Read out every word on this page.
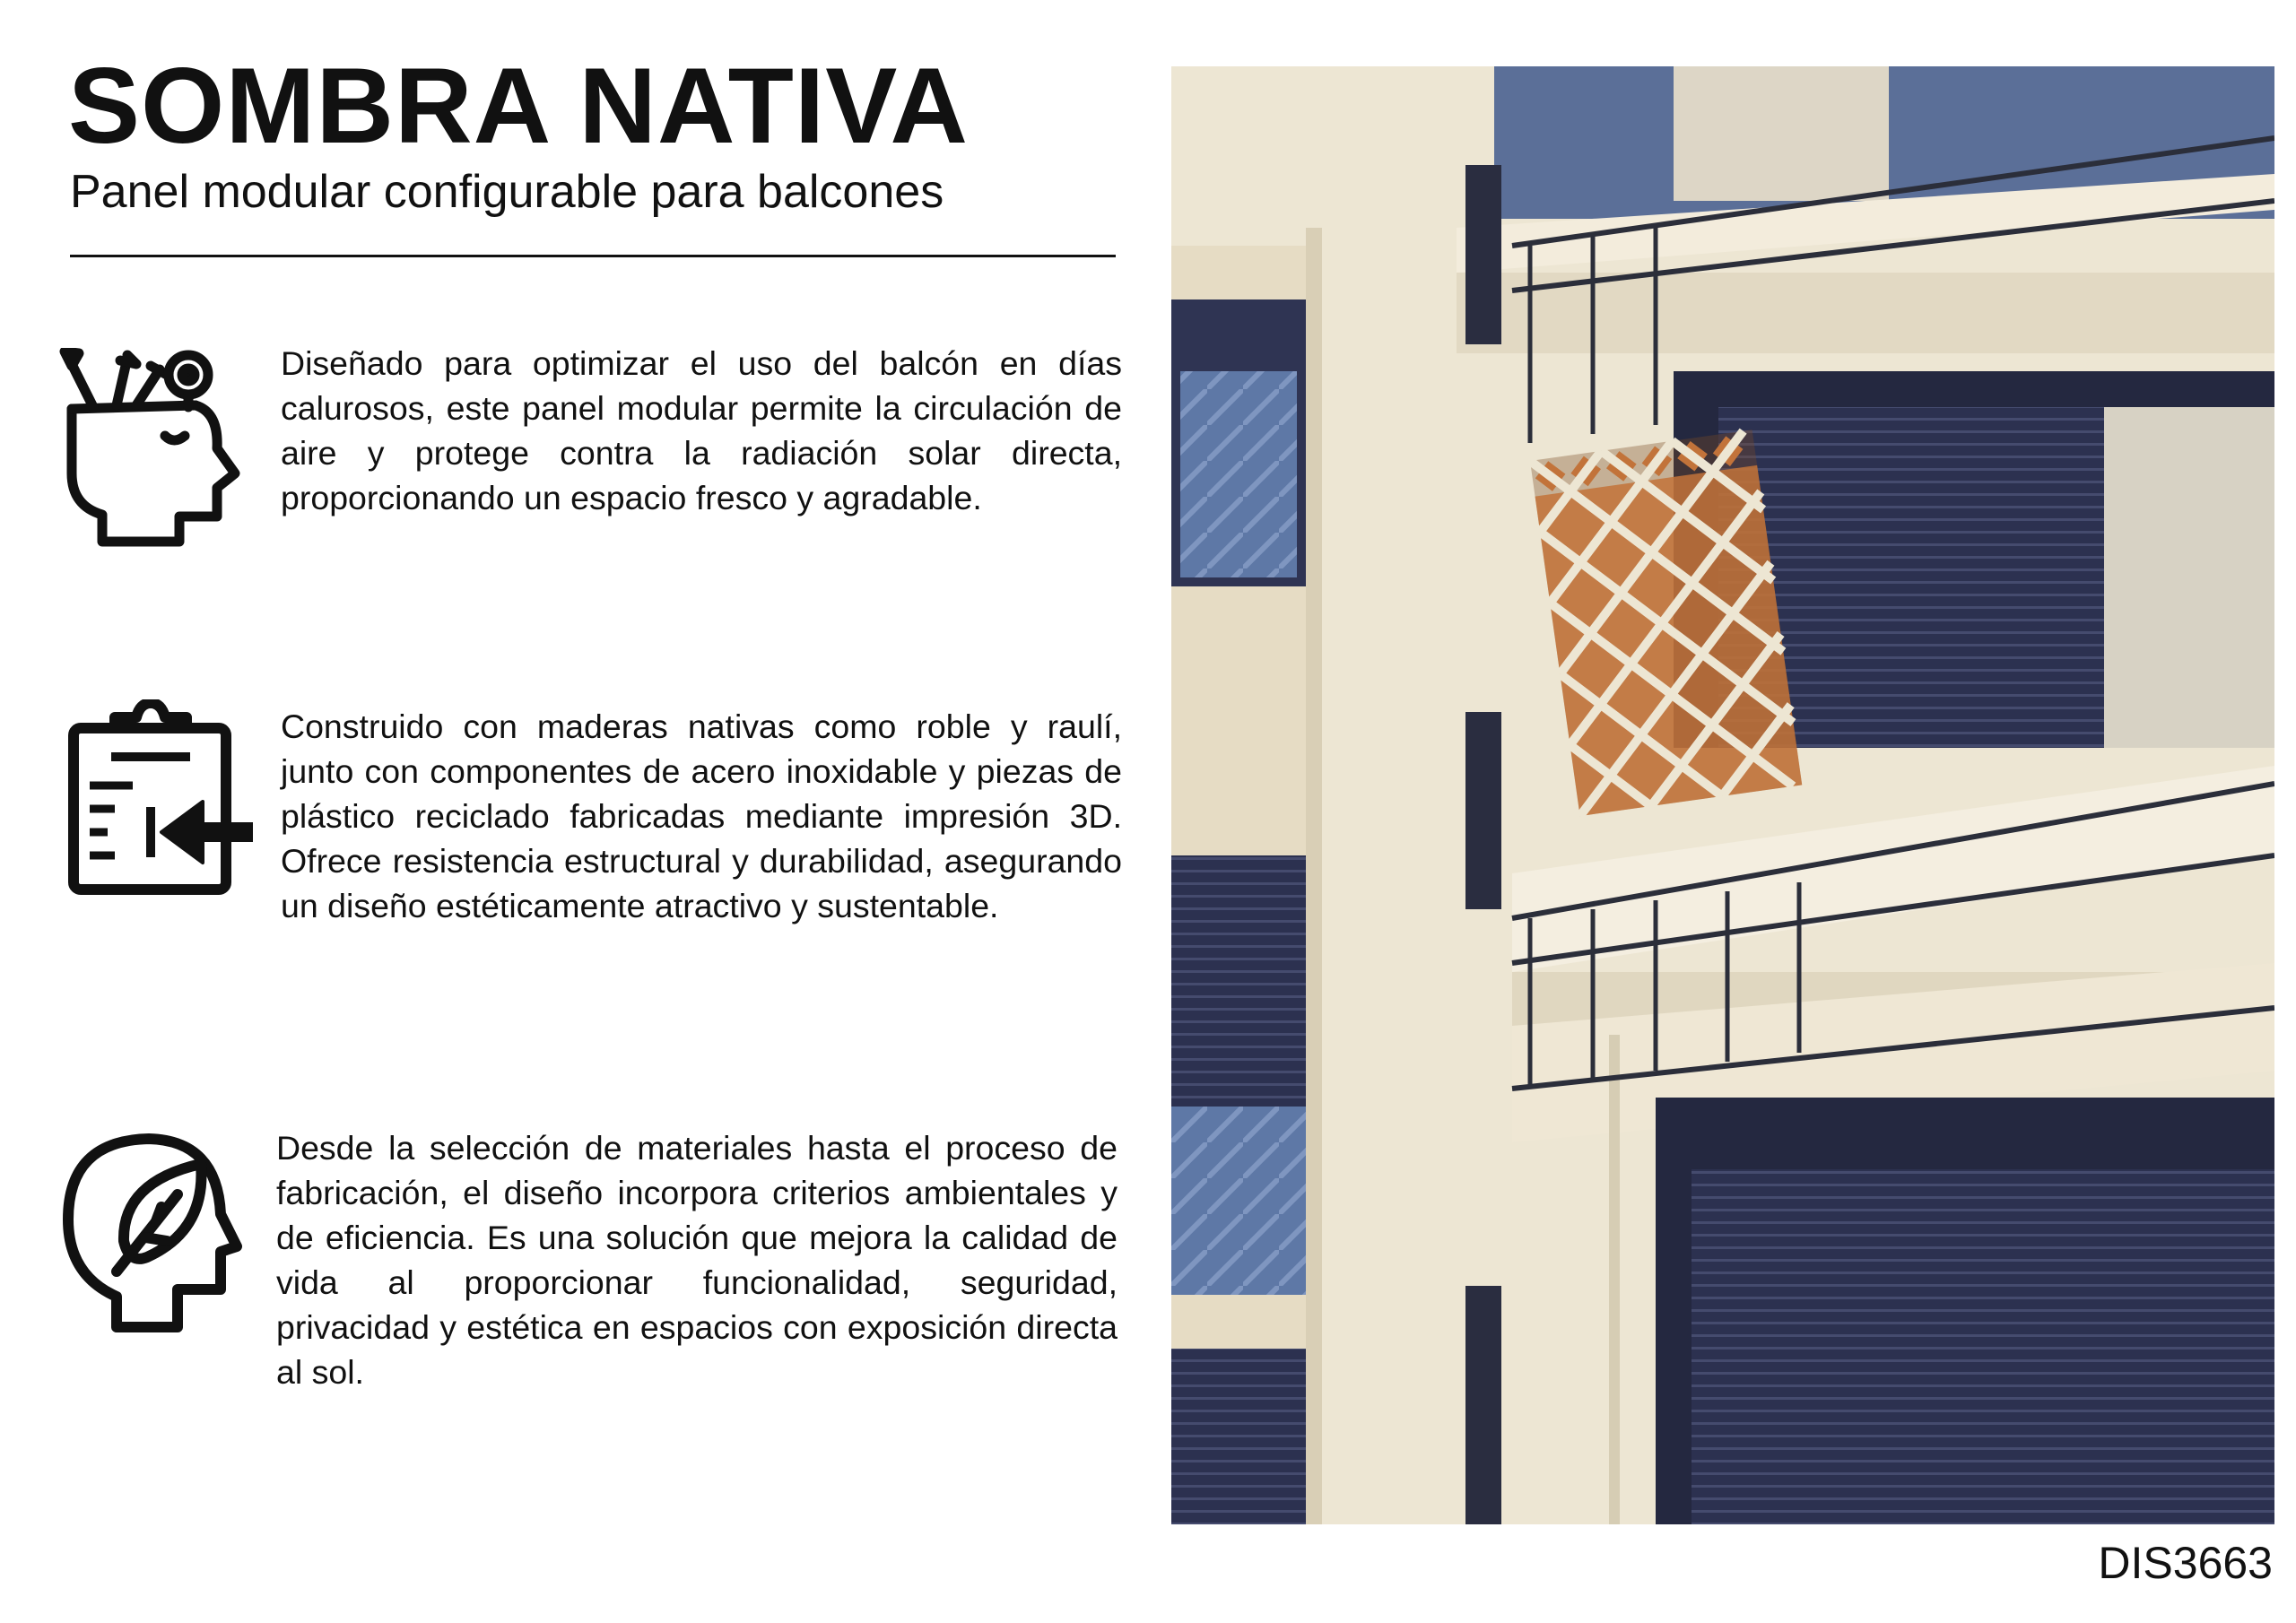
SOMBRA NATIVA
Panel modular configurable para balcones

Diseñado para optimizar el uso del balcón en días calurosos, este panel modular permite la circulación de aire y protege contra la radiación solar directa, proporcionando un espacio fresco y agradable.

Construido con maderas nativas como roble y raulí, junto con componentes de acero inoxidable y piezas de plástico reciclado fabricadas mediante impresión 3D. Ofrece resistencia estructural y durabilidad, asegurando un diseño estéticamente atractivo y sustentable.

Desde la selección de materiales hasta el proceso de fabricación, el diseño incorpora criterios ambientales y de eficiencia. Es una solución que mejora la calidad de vida al proporcionar funcionalidad, seguridad, privacidad y estética en espacios con exposición directa al sol.

DIS3663
